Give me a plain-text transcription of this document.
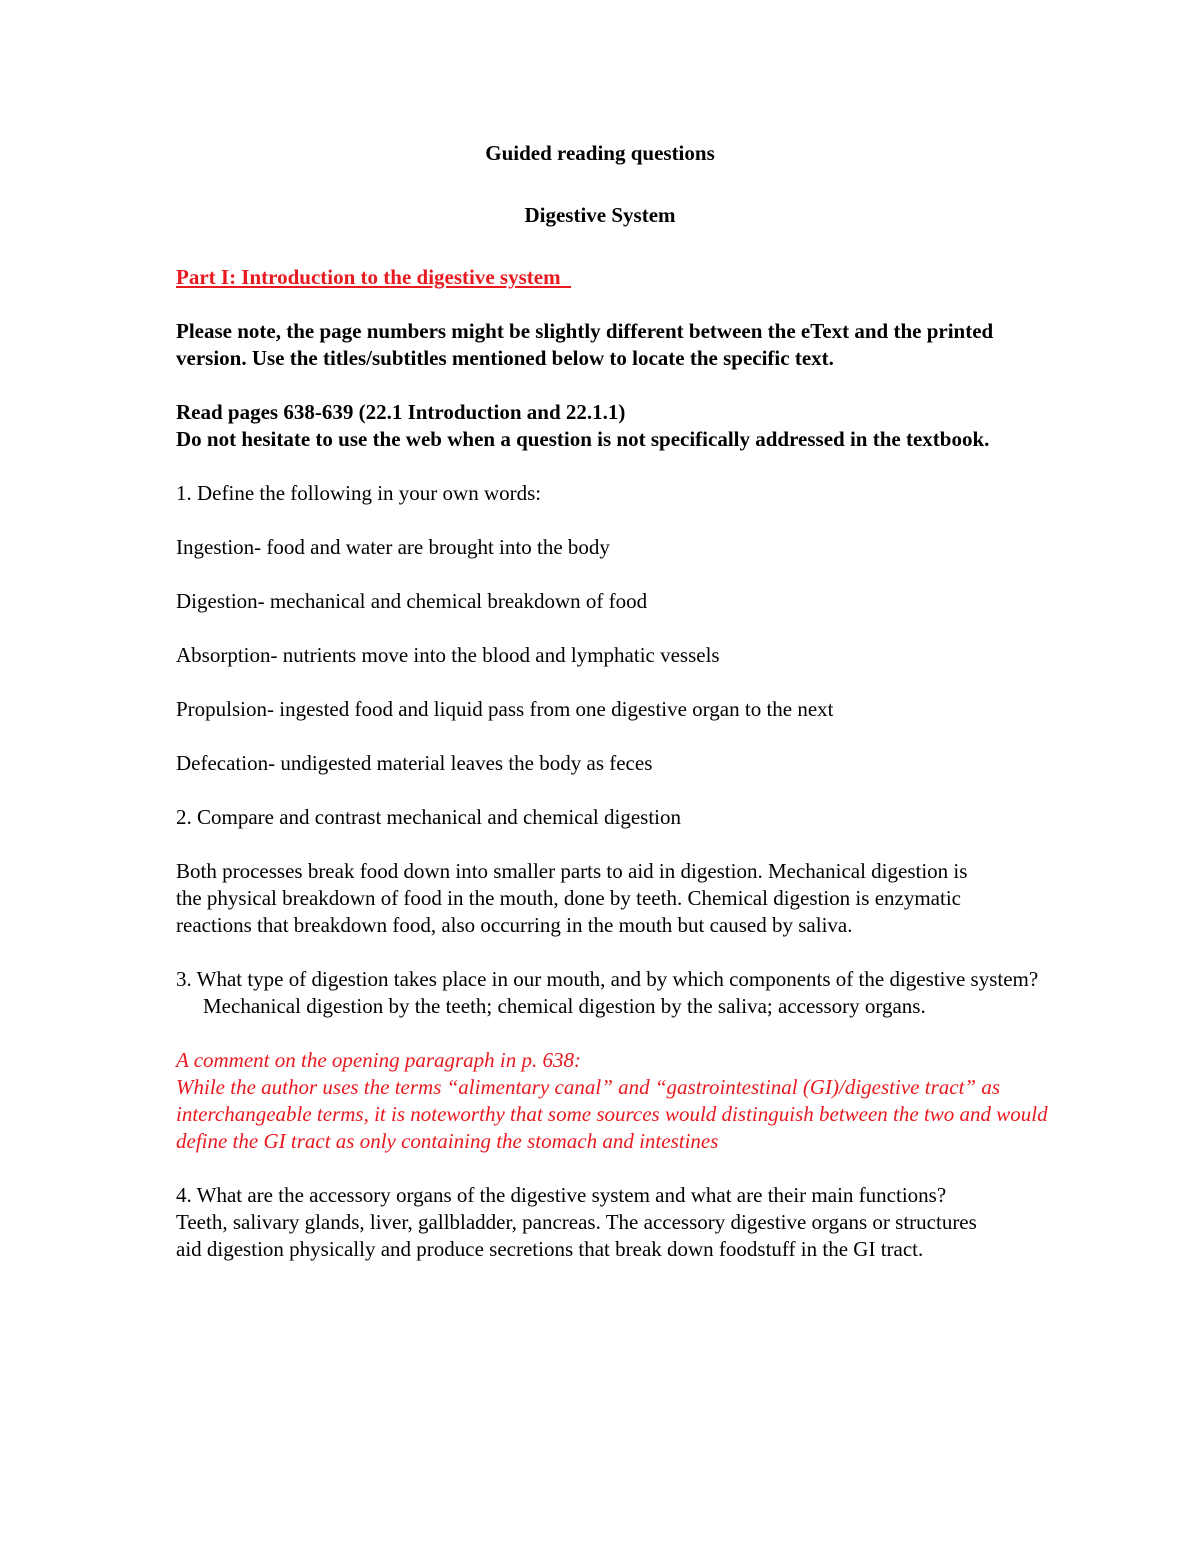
Guided reading questions
Digestive System
Part I: Introduction to the digestive system

Please note, the page numbers might be slightly different between the eText and the printed version. Use the titles/subtitles mentioned below to locate the specific text.

Read pages 638-639 (22.1 Introduction and 22.1.1)

Do not hesitate to use the web when a question is not specifically addressed in the textbook.

1. Define the following in your own words:

Ingestion- food and water are brought into the body

Digestion- mechanical and chemical breakdown of food

Absorption- nutrients move into the blood and lymphatic vessels

Propulsion- ingested food and liquid pass from one digestive organ to the next

Defecation- undigested material leaves the body as feces

2. Compare and contrast mechanical and chemical digestion

Both processes break food down into smaller parts to aid in digestion. Mechanical digestion is the physical breakdown of food in the mouth, done by teeth. Chemical digestion is enzymatic reactions that breakdown food, also occurring in the mouth but caused by saliva.

3. What type of digestion takes place in our mouth, and by which components of the digestive system? Mechanical digestion by the teeth; chemical digestion by the saliva; accessory organs.

A comment on the opening paragraph in p. 638:

While the author uses the terms “alimentary canal” and “gastrointestinal (GI)/digestive tract” as interchangeable terms, it is noteworthy that some sources would distinguish between the two and would define the GI tract as only containing the stomach and intestines

4. What are the accessory organs of the digestive system and what are their main functions? Teeth, salivary glands, liver, gallbladder, pancreas. The accessory digestive organs or structures aid digestion physically and produce secretions that break down foodstuff in the GI tract.
